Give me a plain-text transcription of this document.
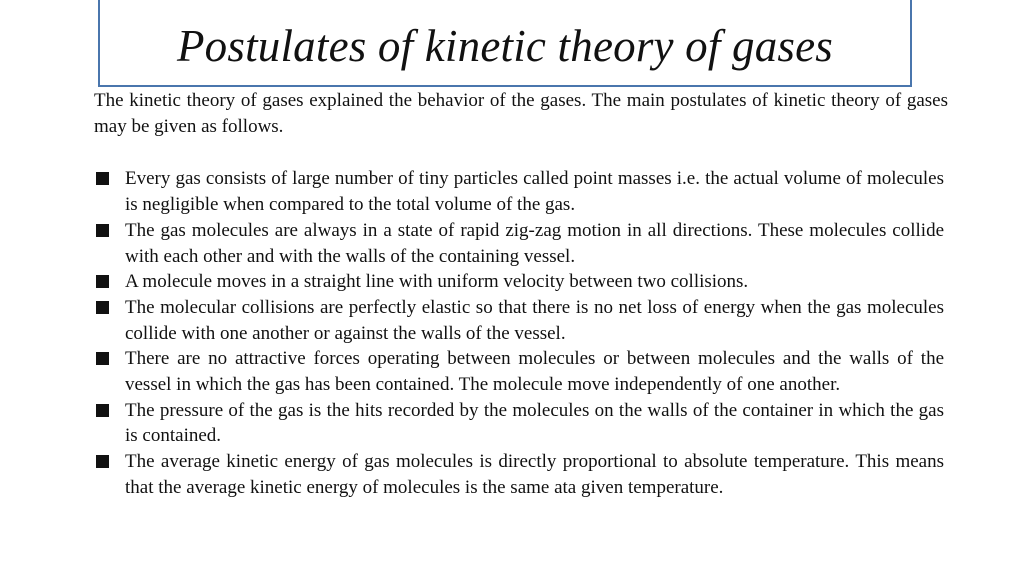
Postulates of kinetic theory of gases

The kinetic theory of gases explained the behavior of the gases. The main postulates of kinetic theory of gases may be given as follows.

Every gas consists of large number of tiny particles called point masses i.e. the actual volume of molecules is negligible when compared to the total volume of the gas.
The gas molecules are always in a state of rapid zig-zag motion in all directions. These molecules collide with each other and with the walls of the containing vessel.
A molecule moves in a straight line with uniform velocity between two collisions.
The molecular collisions are perfectly elastic so that there is no net loss of energy when the gas molecules collide with one another or against the walls of the vessel.
There are no attractive forces operating between molecules or between molecules and the walls of the vessel in which the gas has been contained. The molecule move independently of one another.
The pressure of the gas is the hits recorded by the molecules on the walls of the container in which the gas is contained.
The average kinetic energy of gas molecules is directly proportional to absolute temperature. This means that the average kinetic energy of molecules is the same ata given temperature.
